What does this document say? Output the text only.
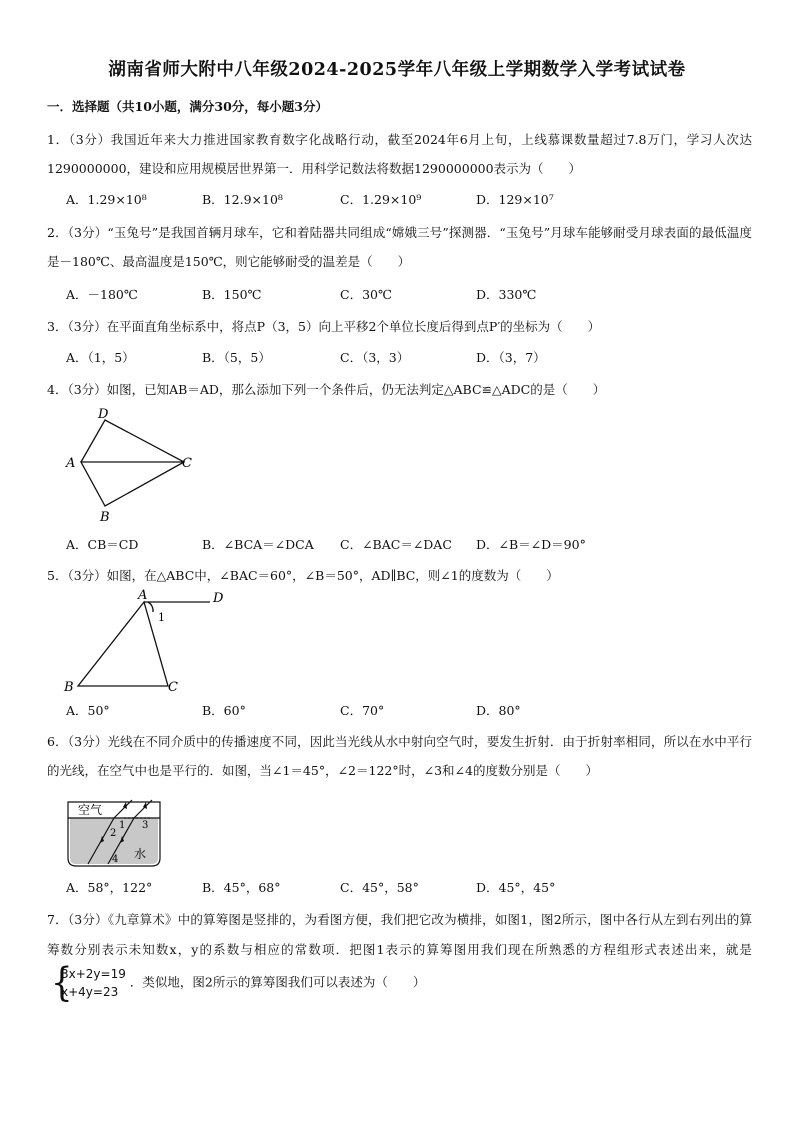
湖南省师大附中八年级2024-2025学年八年级上学期数学入学考试试卷
一．选择题（共10小题，满分30分，每小题3分）
1．（3分）我国近年来大力推进国家教育数字化战略行动，截至2024年6月上旬，上线慕课数量超过7.8万门，学习人次达1290000000，建设和应用规模居世界第一．用科学记数法将数据1290000000表示为（　　）
A．1.29×10⁸	B．12.9×10⁸	C．1.29×10⁹	D．129×10⁷
2．（3分）“玉兔号”是我国首辆月球车，它和着陆器共同组成“嫦娥三号”探测器．“玉兔号”月球车能够耐受月球表面的最低温度是－180℃、最高温度是150℃，则它能够耐受的温差是（　　）
A．－180℃	B．150℃	C．30℃	D．330℃
3．（3分）在平面直角坐标系中，将点P（3，5）向上平移2个单位长度后得到点P′的坐标为（　　）
A．（1，5）	B．（5，5）	C．（3，3）	D．（3，7）
4．（3分）如图，已知AB＝AD，那么添加下列一个条件后，仍无法判定△ABC≌△ADC的是（　　）
D
A	C
B
A．CB＝CD	B．∠BCA＝∠DCA C．∠BAC＝∠DAC D．∠B＝∠D＝90°
5．（3分）如图，在△ABC中，∠BAC＝60°，∠B＝50°，AD∥BC，则∠1的度数为（　　）
A	D
1
B	C
A．50°	B．60°	C．70°	D．80°
6．（3分）光线在不同介质中的传播速度不同，因此当光线从水中射向空气时，要发生折射．由于折射率相同，所以在水中平行的光线，在空气中也是平行的．如图，当∠1＝45°，∠2＝122°时，∠3和∠4的度数分别是（　　）
空气
水
1
2
3
4
A．58°，122°	B．45°，68°	C．45°，58°	D．45°，45°
7．（3分）《九章算术》中的算筹图是竖排的，为看图方便，我们把它改为横排，如图1，图2所示，图中各行从左到右列出的算筹数分别表示未知数x，y的系数与相应的常数项．把图1表示的算筹图用我们现在所熟悉的方程组形式表述出来，就是
{
3x+2y=19
x+4y=23
．类似地，图2所示的算筹图我们可以表述为（　　）
